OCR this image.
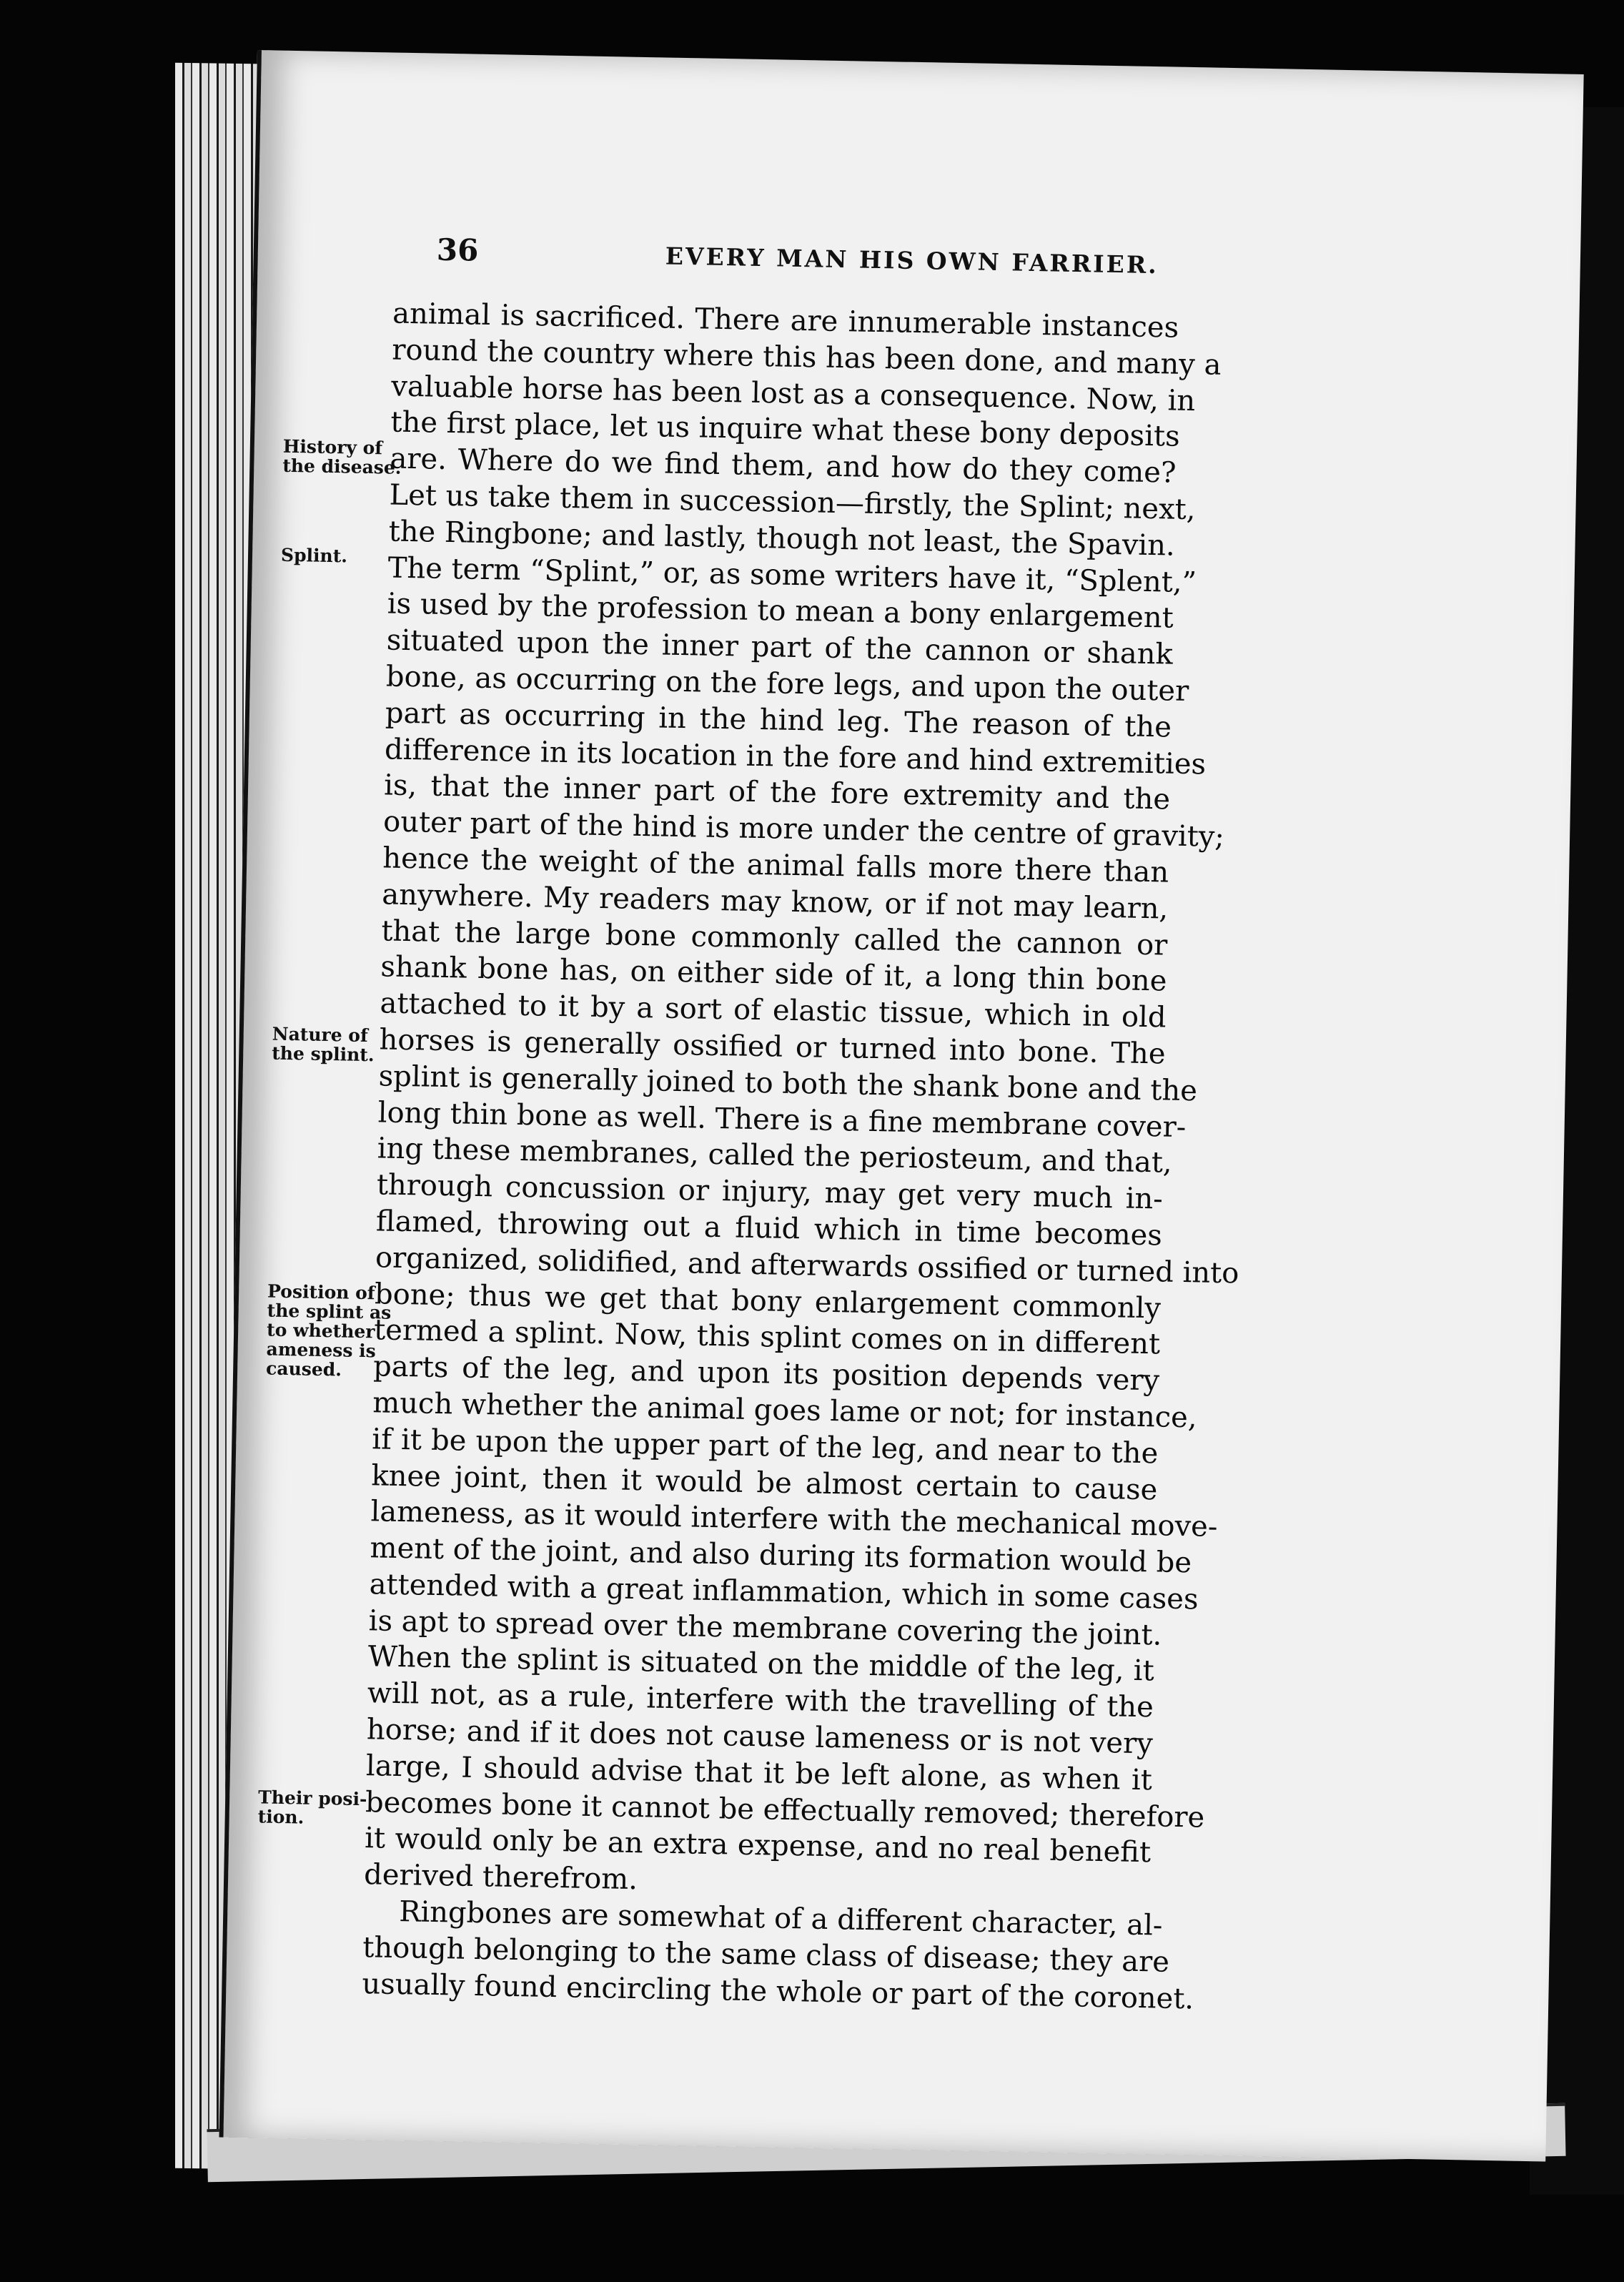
36	EVERY MAN HIS OWN FARRIER.
History of
the disease.
Splint.
Nature of
the splint.
Position of
the splint as
to whether
ameness is
caused.
Their posi-
tion.
animal is sacrificed. There are innumerable instances
round the country where this has been done, and many a
valuable horse has been lost as a consequence. Now, in
the first place, let us inquire what these bony deposits
are. Where do we find them, and how do they come?
Let us take them in succession—firstly, the Splint; next,
the Ringbone; and lastly, though not least, the Spavin.
The term “Splint,” or, as some writers have it, “Splent,”
is used by the profession to mean a bony enlargement
situated upon the inner part of the cannon or shank
bone, as occurring on the fore legs, and upon the outer
part as occurring in the hind leg. The reason of the
difference in its location in the fore and hind extremities
is, that the inner part of the fore extremity and the
outer part of the hind is more under the centre of gravity;
hence the weight of the animal falls more there than
anywhere. My readers may know, or if not may learn,
that the large bone commonly called the cannon or
shank bone has, on either side of it, a long thin bone
attached to it by a sort of elastic tissue, which in old
horses is generally ossified or turned into bone. The
splint is generally joined to both the shank bone and the
long thin bone as well. There is a fine membrane cover-
ing these membranes, called the periosteum, and that,
through concussion or injury, may get very much in-
flamed, throwing out a fluid which in time becomes
organized, solidified, and afterwards ossified or turned into
bone; thus we get that bony enlargement commonly
termed a splint. Now, this splint comes on in different
parts of the leg, and upon its position depends very
much whether the animal goes lame or not; for instance,
if it be upon the upper part of the leg, and near to the
knee joint, then it would be almost certain to cause
lameness, as it would interfere with the mechanical move-
ment of the joint, and also during its formation would be
attended with a great inflammation, which in some cases
is apt to spread over the membrane covering the joint.
When the splint is situated on the middle of the leg, it
will not, as a rule, interfere with the travelling of the
horse; and if it does not cause lameness or is not very
large, I should advise that it be left alone, as when it
becomes bone it cannot be effectually removed; therefore
it would only be an extra expense, and no real benefit
derived therefrom.
Ringbones are somewhat of a different character, al-
though belonging to the same class of disease; they are
usually found encircling the whole or part of the coronet.
